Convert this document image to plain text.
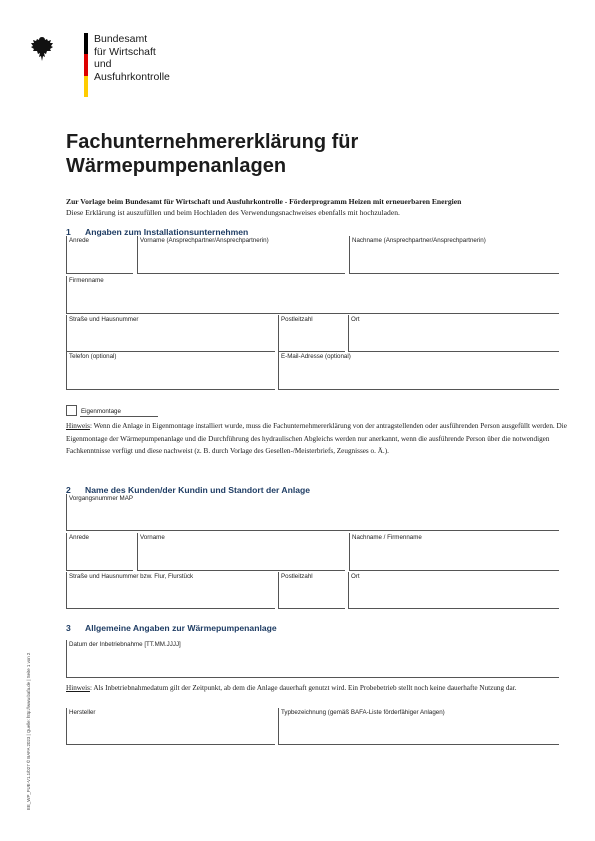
Bundesamt
für Wirtschaft und
Ausfuhrkontrolle
Fachunternehmererklärung für
Wärmepumpenanlagen
Zur Vorlage beim Bundesamt für Wirtschaft und Ausfuhrkontrolle - Förderprogramm Heizen mit erneuerbaren Energien
Diese Erklärung ist auszufüllen und beim Hochladen des Verwendungsnachweises ebenfalls mit hochzuladen.
1 Angaben zum Installationsunternehmen
Anrede	Vorname (Ansprechpartner/Ansprechpartnerin)	Nachname (Ansprechpartner/Ansprechpartnerin)
Firmenname
Straße und Hausnummer	Postleitzahl	Ort
Telefon (optional)	E-Mail-Adresse (optional)
Eigenmontage
Hinweis: Wenn die Anlage in Eigenmontage installiert wurde, muss die Fachunternehmererklärung von der antragstellenden oder ausführenden Person ausgefüllt werden. Die Eigenmontage der Wärmepumpenanlage und die Durchführung des hydraulischen Abgleichs werden nur anerkannt, wenn die ausführende Person über die notwendigen Fachkenntnisse verfügt und diese nachweist (z. B. durch Vorlage des Gesellen-/Meisterbriefs, Zeugnisses o. Ä.).
2 Name des Kunden/der Kundin und Standort der Anlage
Vorgangsnummer MAP
Anrede	Vorname	Nachname / Firmenname
Straße und Hausnummer bzw. Flur, Flurstück	Postleitzahl	Ort
3 Allgemeine Angaben zur Wärmepumpenanlage
Datum der Inbetriebnahme [TT.MM.JJJJ]
Hinweis: Als Inbetriebnahmedatum gilt der Zeitpunkt, ab dem die Anlage dauerhaft genutzt wird. Ein Probebetrieb stellt noch keine dauerhafte Nutzung dar.
Hersteller	Typbezeichnung (gemäß BAFA-Liste förderfähiger Anlagen)
EE_WP_FUE-V1.1/027 © BAFA 2023 | Quelle: http://www.bafa.de | Seite 1 von 2
